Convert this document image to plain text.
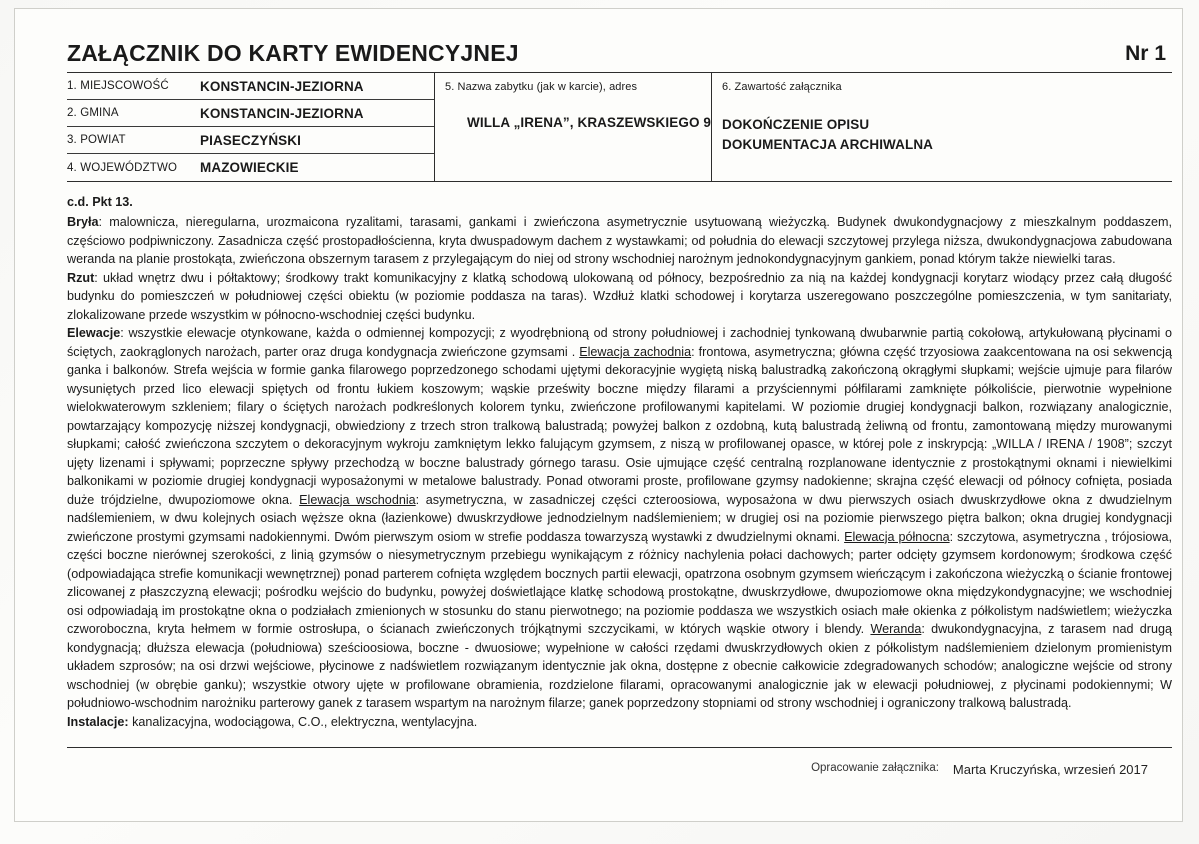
ZAŁĄCZNIK DO KARTY EWIDENCYJNEJ	Nr 1
1. MIEJSCOWOŚĆ	KONSTANCIN-JEZIORNA
2. GMINA	KONSTANCIN-JEZIORNA
3. POWIAT	PIASECZYŃSKI
4. WOJEWÓDZTWO	MAZOWIECKIE
5. Nazwa zabytku (jak w karcie), adres
WILLA „IRENA”, KRASZEWSKIEGO 9
6. Zawartość załącznika
DOKOŃCZENIE OPISU
DOKUMENTACJA ARCHIWALNA
c.d. Pkt 13.

Bryła: malownicza, nieregularna, urozmaicona ryzalitami, tarasami, gankami i zwieńczona asymetrycznie usytuowaną wieżyczką. Budynek dwukondygnacjowy z mieszkalnym poddaszem, częściowo podpiwniczony. Zasadnicza część prostopadłościenna, kryta dwuspadowym dachem z wystawkami; od południa do elewacji szczytowej przylega niższa, dwukondygnacjowa zabudowana weranda na planie prostokąta, zwieńczona obszernym tarasem z przylegającym do niej od strony wschodniej narożnym jednokondygnacyjnym gankiem, ponad którym także niewielki taras.

Rzut: układ wnętrz dwu i półtaktowy; środkowy trakt komunikacyjny z klatką schodową ulokowaną od północy, bezpośrednio za nią na każdej kondygnacji korytarz wiodący przez całą długość budynku do pomieszczeń w południowej części obiektu (w poziomie poddasza na taras). Wzdłuż klatki schodowej i korytarza uszeregowano poszczególne pomieszczenia, w tym sanitariaty, zlokalizowane przede wszystkim w północno-wschodniej części budynku.

Elewacje: wszystkie elewacje otynkowane, każda o odmiennej kompozycji; z wyodrębnioną od strony południowej i zachodniej tynkowaną dwubarwnie partią cokołową, artykułowaną płycinami o ściętych, zaokrąglonych narożach, parter oraz druga kondygnacja zwieńczone gzymsami . Elewacja zachodnia: frontowa, asymetryczna; główna część trzyosiowa zaakcentowana na osi sekwencją ganka i balkonów. Strefa wejścia w formie ganka filarowego poprzedzonego schodami ujętymi dekoracyjnie wygiętą niską balustradką zakończoną okrągłymi słupkami; wejście ujmuje para filarów wysuniętych przed lico elewacji spiętych od frontu łukiem koszowym; wąskie prześwity boczne między filarami a przyściennymi półfilarami zamknięte półkoliście, pierwotnie wypełnione wielokwaterowym szkleniem; filary o ściętych narożach podkreślonych kolorem tynku, zwieńczone profilowanymi kapitelami. W poziomie drugiej kondygnacji balkon, rozwiązany analogicznie, powtarzający kompozycję niższej kondygnacji, obwiedziony z trzech stron tralkową balustradą; powyżej balkon z ozdobną, kutą balustradą żeliwną od frontu, zamontowaną między murowanymi słupkami; całość zwieńczona szczytem o dekoracyjnym wykroju zamkniętym lekko falującym gzymsem, z niszą w profilowanej opasce, w której pole z inskrypcją: „WILLA / IRENA / 1908”; szczyt ujęty lizenami i spływami; poprzeczne spływy przechodzą w boczne balustrady górnego tarasu. Osie ujmujące część centralną rozplanowane identycznie z prostokątnymi oknami i niewielkimi balkonikami w poziomie drugiej kondygnacji wyposażonymi w metalowe balustrady. Ponad otworami proste, profilowane gzymsy nadokienne; skrajna część elewacji od północy cofnięta, posiada duże trójdzielne, dwupoziomowe okna. Elewacja wschodnia: asymetryczna, w zasadniczej części czteroosiowa, wyposażona w dwu pierwszych osiach dwuskrzydłowe okna z dwudzielnym nadślemieniem, w dwu kolejnych osiach węższe okna (łazienkowe) dwuskrzydłowe jednodzielnym nadślemieniem; w drugiej osi na poziomie pierwszego piętra balkon; okna drugiej kondygnacji zwieńczone prostymi gzymsami nadokiennymi. Dwóm pierwszym osiom w strefie poddasza towarzyszą wystawki z dwudzielnymi oknami. Elewacja północna: szczytowa, asymetryczna , trójosiowa, części boczne nierównej szerokości, z linią gzymsów o niesymetrycznym przebiegu wynikającym z różnicy nachylenia połaci dachowych; parter odcięty gzymsem kordonowym; środkowa część (odpowiadająca strefie komunikacji wewnętrznej) ponad parterem cofnięta względem bocznych partii elewacji, opatrzona osobnym gzymsem wieńczącym i zakończona wieżyczką o ścianie frontowej zlicowanej z płaszczyzną elewacji; pośrodku wejścio do budynku, powyżej doświetlające klatkę schodową prostokątne, dwuskrzydłowe, dwupoziomowe okna międzykondygnacyjne; we wschodniej osi odpowiadają im prostokątne okna o podziałach zmienionych w stosunku do stanu pierwotnego; na poziomie poddasza we wszystkich osiach małe okienka z półkolistym nadświetlem; wieżyczka czworoboczna, kryta hełmem w formie ostrosłupa, o ścianach zwieńczonych trójkątnymi szczycikami, w których wąskie otwory i blendy. Weranda: dwukondygnacyjna, z tarasem nad drugą kondygnacją; dłuższa elewacja (południowa) sześcioosiowa, boczne - dwuosiowe; wypełnione w całości rzędami dwuskrzydłowych okien z półkolistym nadślemieniem dzielonym promienistym układem szprosów; na osi drzwi wejściowe, płycinowe z nadświetlem rozwiązanym identycznie jak okna, dostępne z obecnie całkowicie zdegradowanych schodów; analogiczne wejście od strony wschodniej (w obrębie ganku); wszystkie otwory ujęte w profilowane obramienia, rozdzielone filarami, opracowanymi analogicznie jak w elewacji południowej, z płycinami podokiennymi; W południowo-wschodnim narożniku parterowy ganek z tarasem wspartym na narożnym filarze; ganek poprzedzony stopniami od strony wschodniej i ograniczony tralkową balustradą.

Instalacje: kanalizacyjna, wodociągowa, C.O., elektryczna, wentylacyjna.

Opracowanie załącznika: Marta Kruczyńska, wrzesień 2017
